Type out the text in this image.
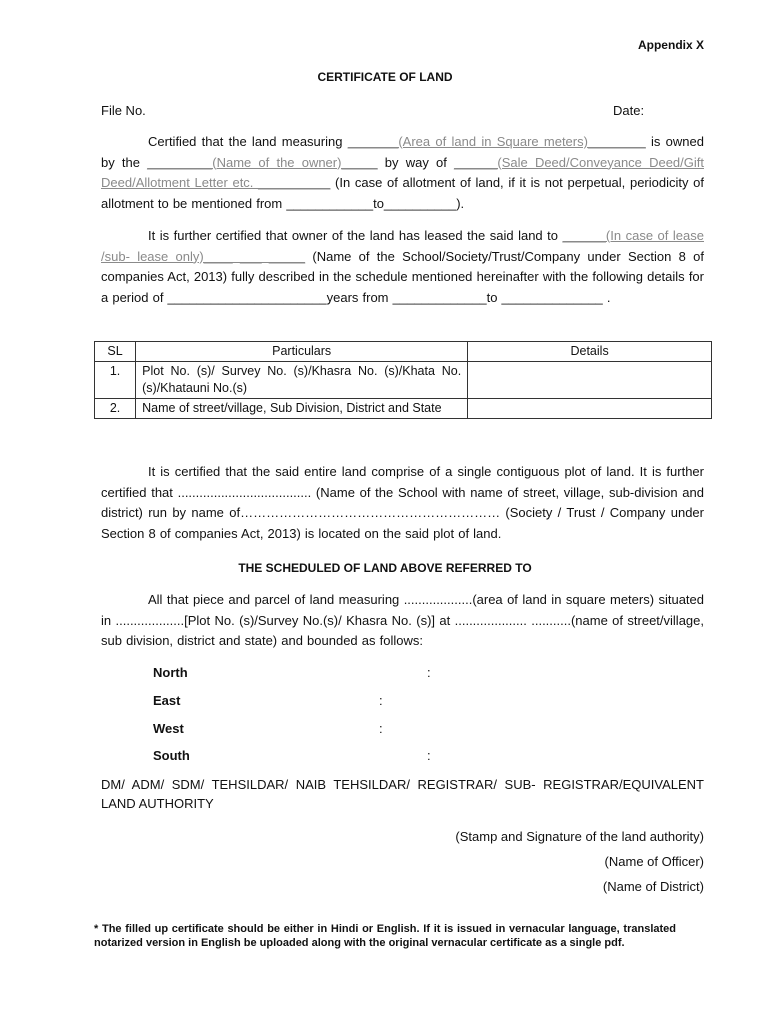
Appendix X
CERTIFICATE OF LAND
File No.	Date:
Certified that the land measuring _______(Area of land in Square meters)________ is owned by the _________(Name of the owner)_____ by way of ______(Sale Deed/Conveyance Deed/Gift Deed/Allotment Letter etc. __________ (In case of allotment of land, if it is not perpetual, periodicity of allotment to be mentioned from ____________to__________).
It is further certified that owner of the land has leased the said land to ______(In case of lease /sub- lease only)____ ___ _____ (Name of the School/Society/Trust/Company under Section 8 of companies Act, 2013) fully described in the schedule mentioned hereinafter with the following details for a period of ______________________years from _____________to ______________ .
SL	Particulars	Details
1.	Plot No. (s)/ Survey No. (s)/Khasra No. (s)/Khata No.(s)/Khatauni No.(s)	
2.	Name of street/village, Sub Division, District and State	
It is certified that the said entire land comprise of a single contiguous plot of land. It is further certified that ..................................... (Name of the School with name of street, village, sub-division and district) run by name of…………………………………………………… (Society / Trust / Company under Section 8 of companies Act, 2013) is located on the said plot of land.
THE SCHEDULED OF LAND ABOVE REFERRED TO
All that piece and parcel of land measuring ...................(area of land in square meters) situated in ...................[Plot No. (s)/Survey No.(s)/ Khasra No. (s)] at .................... ...........(name of street/village, sub division, district and state) and bounded as follows:
North	:
East	:
West	:
South	:
DM/ ADM/ SDM/ TEHSILDAR/ NAIB TEHSILDAR/ REGISTRAR/ SUB- REGISTRAR/EQUIVALENT
LAND AUTHORITY
(Stamp and Signature of the land authority)
(Name of Officer)
(Name of District)
* The filled up certificate should be either in Hindi or English. If it is issued in vernacular language, translated notarized version in English be uploaded along with the original vernacular certificate as a single pdf.
